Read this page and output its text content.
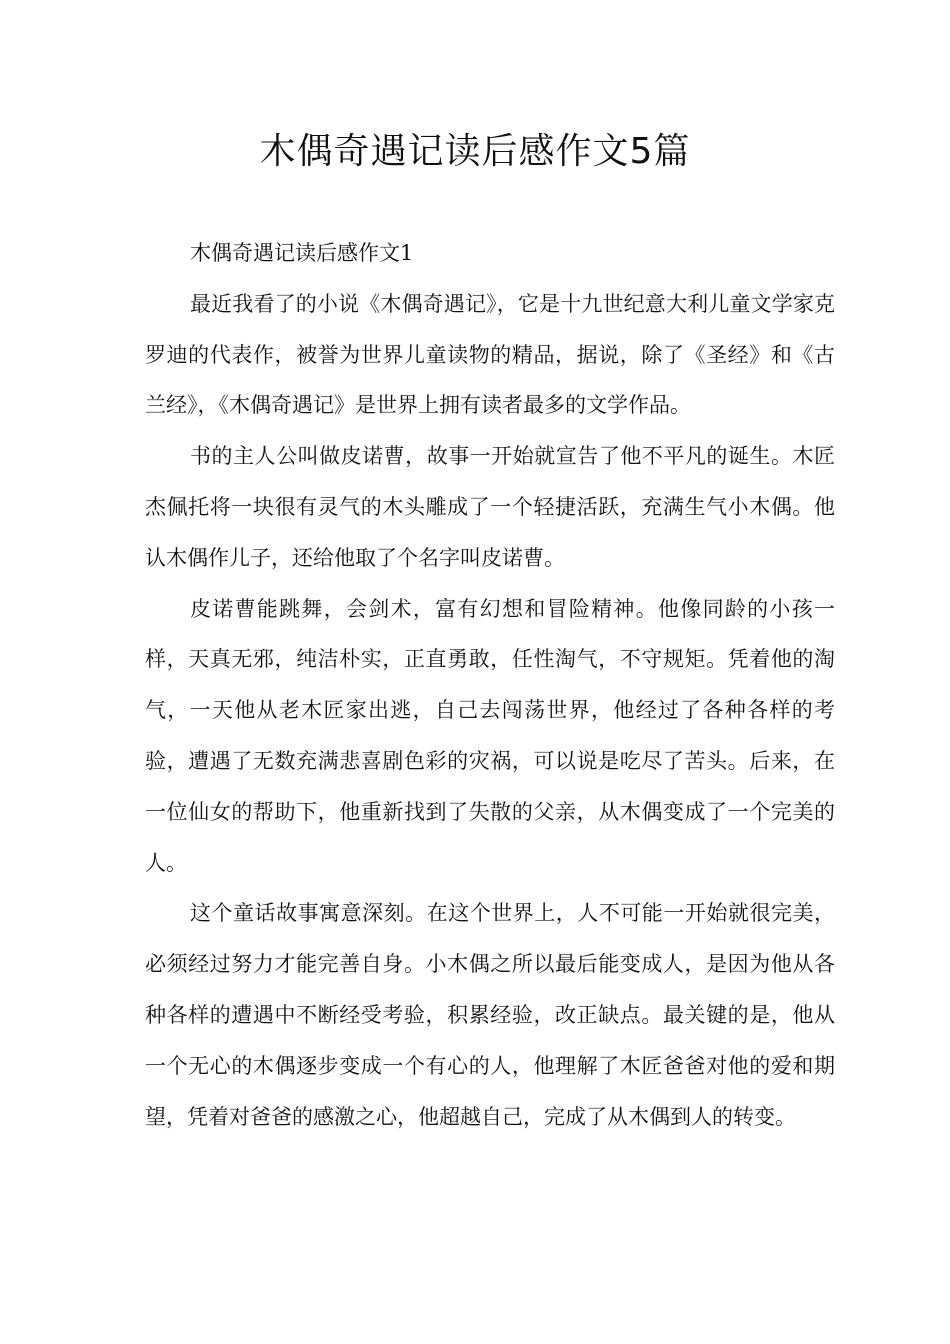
木偶奇遇记读后感作文5篇

木偶奇遇记读后感作文1

最近我看了的小说《木偶奇遇记》，它是十九世纪意大利儿童文学家克罗迪的代表作，被誉为世界儿童读物的精品，据说，除了《圣经》和《古兰经》，《木偶奇遇记》是世界上拥有读者最多的文学作品。

书的主人公叫做皮诺曹，故事一开始就宣告了他不平凡的诞生。木匠杰佩托将一块很有灵气的木头雕成了一个轻捷活跃，充满生气小木偶。他认木偶作儿子，还给他取了个名字叫皮诺曹。

皮诺曹能跳舞，会剑术，富有幻想和冒险精神。他像同龄的小孩一样，天真无邪，纯洁朴实，正直勇敢，任性淘气，不守规矩。凭着他的淘气，一天他从老木匠家出逃，自己去闯荡世界，他经过了各种各样的考验，遭遇了无数充满悲喜剧色彩的灾祸，可以说是吃尽了苦头。后来，在一位仙女的帮助下，他重新找到了失散的父亲，从木偶变成了一个完美的人。

这个童话故事寓意深刻。在这个世界上，人不可能一开始就很完美，必须经过努力才能完善自身。小木偶之所以最后能变成人，是因为他从各种各样的遭遇中不断经受考验，积累经验，改正缺点。最关键的是，他从一个无心的木偶逐步变成一个有心的人，他理解了木匠爸爸对他的爱和期望，凭着对爸爸的感激之心，他超越自己，完成了从木偶到人的转变。
